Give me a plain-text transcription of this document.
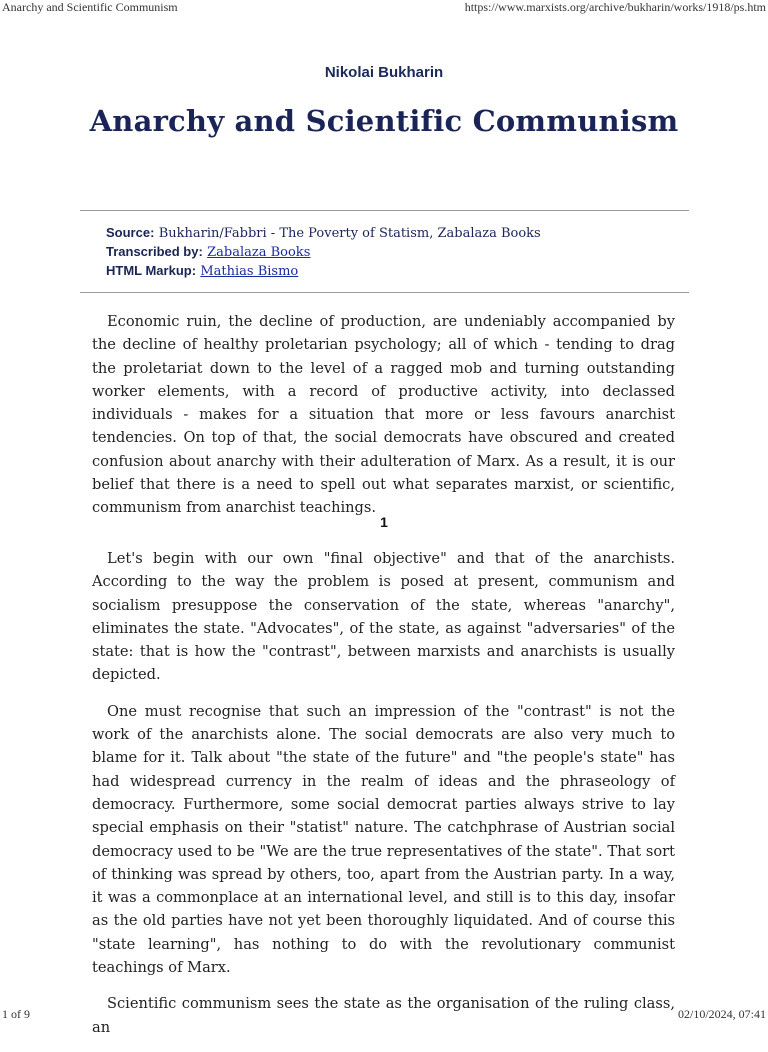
Anarchy and Scientific Communism	https://www.marxists.org/archive/bukharin/works/1918/ps.htm
Nikolai Bukharin
Anarchy and Scientific Communism
Source: Bukharin/Fabbri - The Poverty of Statism, Zabalaza Books
Transcribed by: Zabalaza Books
HTML Markup: Mathias Bismo

Economic ruin, the decline of production, are undeniably accompanied by the decline of healthy proletarian psychology; all of which - tending to drag the proletariat down to the level of a ragged mob and turning outstanding worker elements, with a record of productive activity, into declassed individuals - makes for a situation that more or less favours anarchist tendencies. On top of that, the social democrats have obscured and created confusion about anarchy with their adulteration of Marx. As a result, it is our belief that there is a need to spell out what separates marxist, or scientific, communism from anarchist teachings.

1

Let's begin with our own "final objective" and that of the anarchists. According to the way the problem is posed at present, communism and socialism presuppose the conservation of the state, whereas "anarchy", eliminates the state. "Advocates", of the state, as against "adversaries" of the state: that is how the "contrast", between marxists and anarchists is usually depicted.

One must recognise that such an impression of the "contrast" is not the work of the anarchists alone. The social democrats are also very much to blame for it. Talk about "the state of the future" and "the people's state" has had widespread currency in the realm of ideas and the phraseology of democracy. Furthermore, some social democrat parties always strive to lay special emphasis on their "statist" nature. The catchphrase of Austrian social democracy used to be "We are the true representatives of the state". That sort of thinking was spread by others, too, apart from the Austrian party. In a way, it was a commonplace at an international level, and still is to this day, insofar as the old parties have not yet been thoroughly liquidated. And of course this "state learning", has nothing to do with the revolutionary communist teachings of Marx.

Scientific communism sees the state as the organisation of the ruling class, an

1 of 9	02/10/2024, 07:41
